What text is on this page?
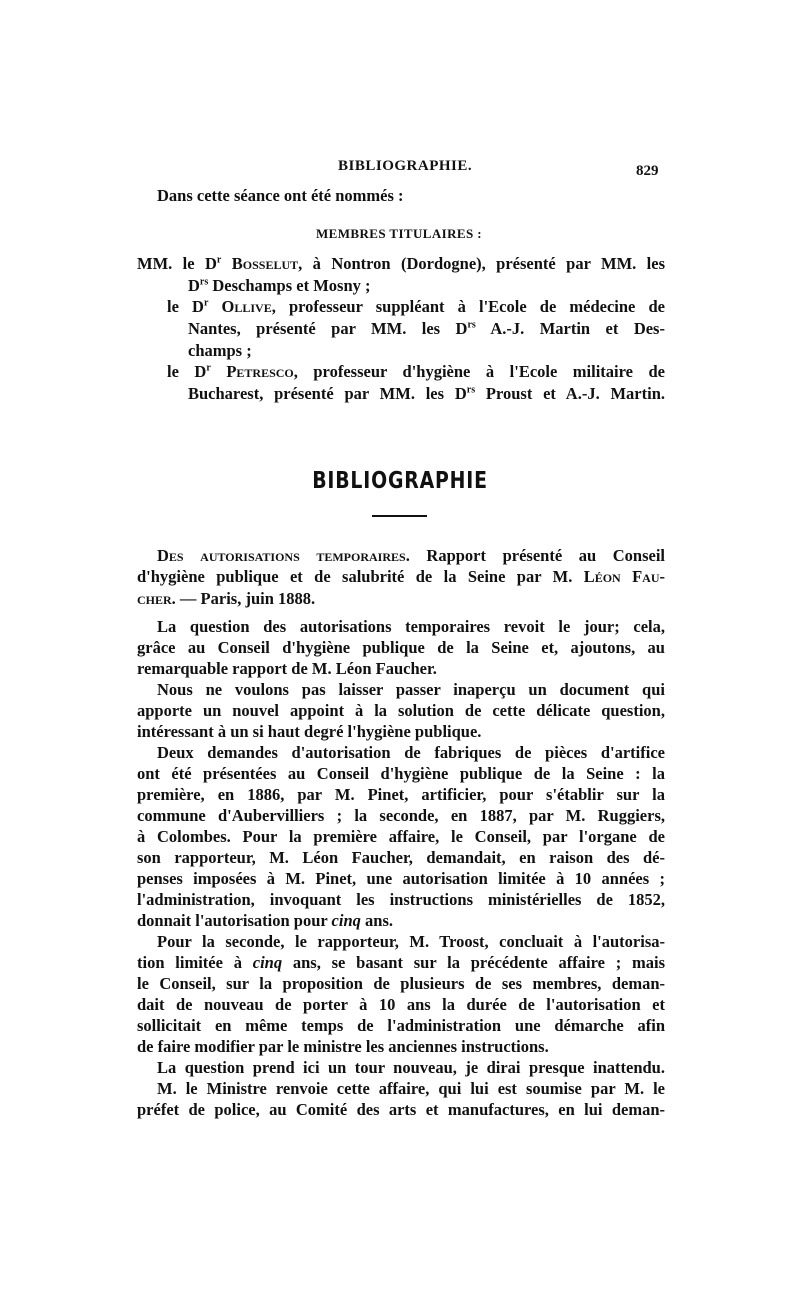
BIBLIOGRAPHIE.	829
Dans cette séance ont été nommés :
MEMBRES TITULAIRES :
MM. le $D^r$ Bosselut, à Nontron (Dordogne), présenté par MM. les
$D^{rs}$ Deschamps et Mosny ;
le $D^r$ Ollive, professeur suppléant à l'Ecole de médecine de
Nantes, présenté par MM. les $D^{rs}$ A.-J. Martin et Des-
champs ;
le $D^r$ Petresco, professeur d'hygiène à l'Ecole militaire de
Bucharest, présenté par MM. les $D^{rs}$ Proust et A.-J. Martin.
BIBLIOGRAPHIE
Des autorisations temporaires. Rapport présenté au Conseil
d'hygiène publique et de salubrité de la Seine par M. Léon Fau-
cher. — Paris, juin 1888.
La question des autorisations temporaires revoit le jour; cela,
grâce au Conseil d'hygiène publique de la Seine et, ajoutons, au
remarquable rapport de M. Léon Faucher.
Nous ne voulons pas laisser passer inaperçu un document qui
apporte un nouvel appoint à la solution de cette délicate question,
intéressant à un si haut degré l'hygiène publique.
Deux demandes d'autorisation de fabriques de pièces d'artifice
ont été présentées au Conseil d'hygiène publique de la Seine : la
première, en 1886, par M. Pinet, artificier, pour s'établir sur la
commune d'Aubervilliers ; la seconde, en 1887, par M. Ruggiers,
à Colombes. Pour la première affaire, le Conseil, par l'organe de
son rapporteur, M. Léon Faucher, demandait, en raison des dé-
penses imposées à M. Pinet, une autorisation limitée à 10 années ;
l'administration, invoquant les instructions ministérielles de 1852,
donnait l'autorisation pour cinq ans.
Pour la seconde, le rapporteur, M. Troost, concluait à l'autorisa-
tion limitée à cinq ans, se basant sur la précédente affaire ; mais
le Conseil, sur la proposition de plusieurs de ses membres, deman-
dait de nouveau de porter à 10 ans la durée de l'autorisation et
sollicitait en même temps de l'administration une démarche afin
de faire modifier par le ministre les anciennes instructions.
La question prend ici un tour nouveau, je dirai presque inattendu.
M. le Ministre renvoie cette affaire, qui lui est soumise par M. le
préfet de police, au Comité des arts et manufactures, en lui deman-
